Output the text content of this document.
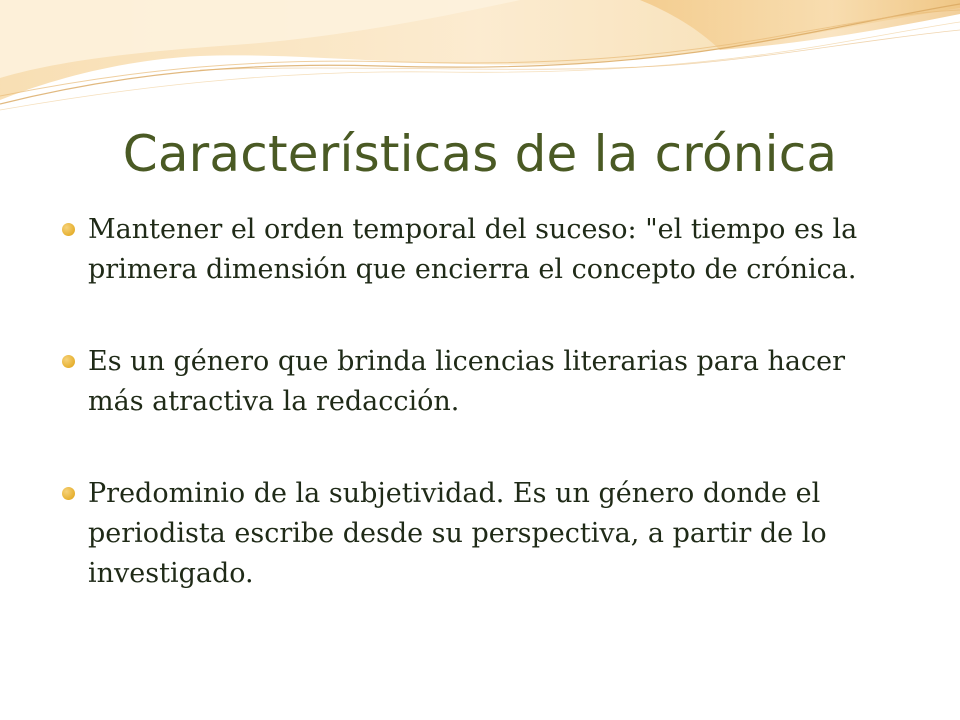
Características de la crónica
Mantener el orden temporal del suceso: "el tiempo es la primera dimensión que encierra el concepto de crónica.
Es un género que brinda licencias literarias para hacer más atractiva la redacción.
Predominio de la subjetividad. Es un género donde el periodista escribe desde su perspectiva, a partir de lo investigado.
